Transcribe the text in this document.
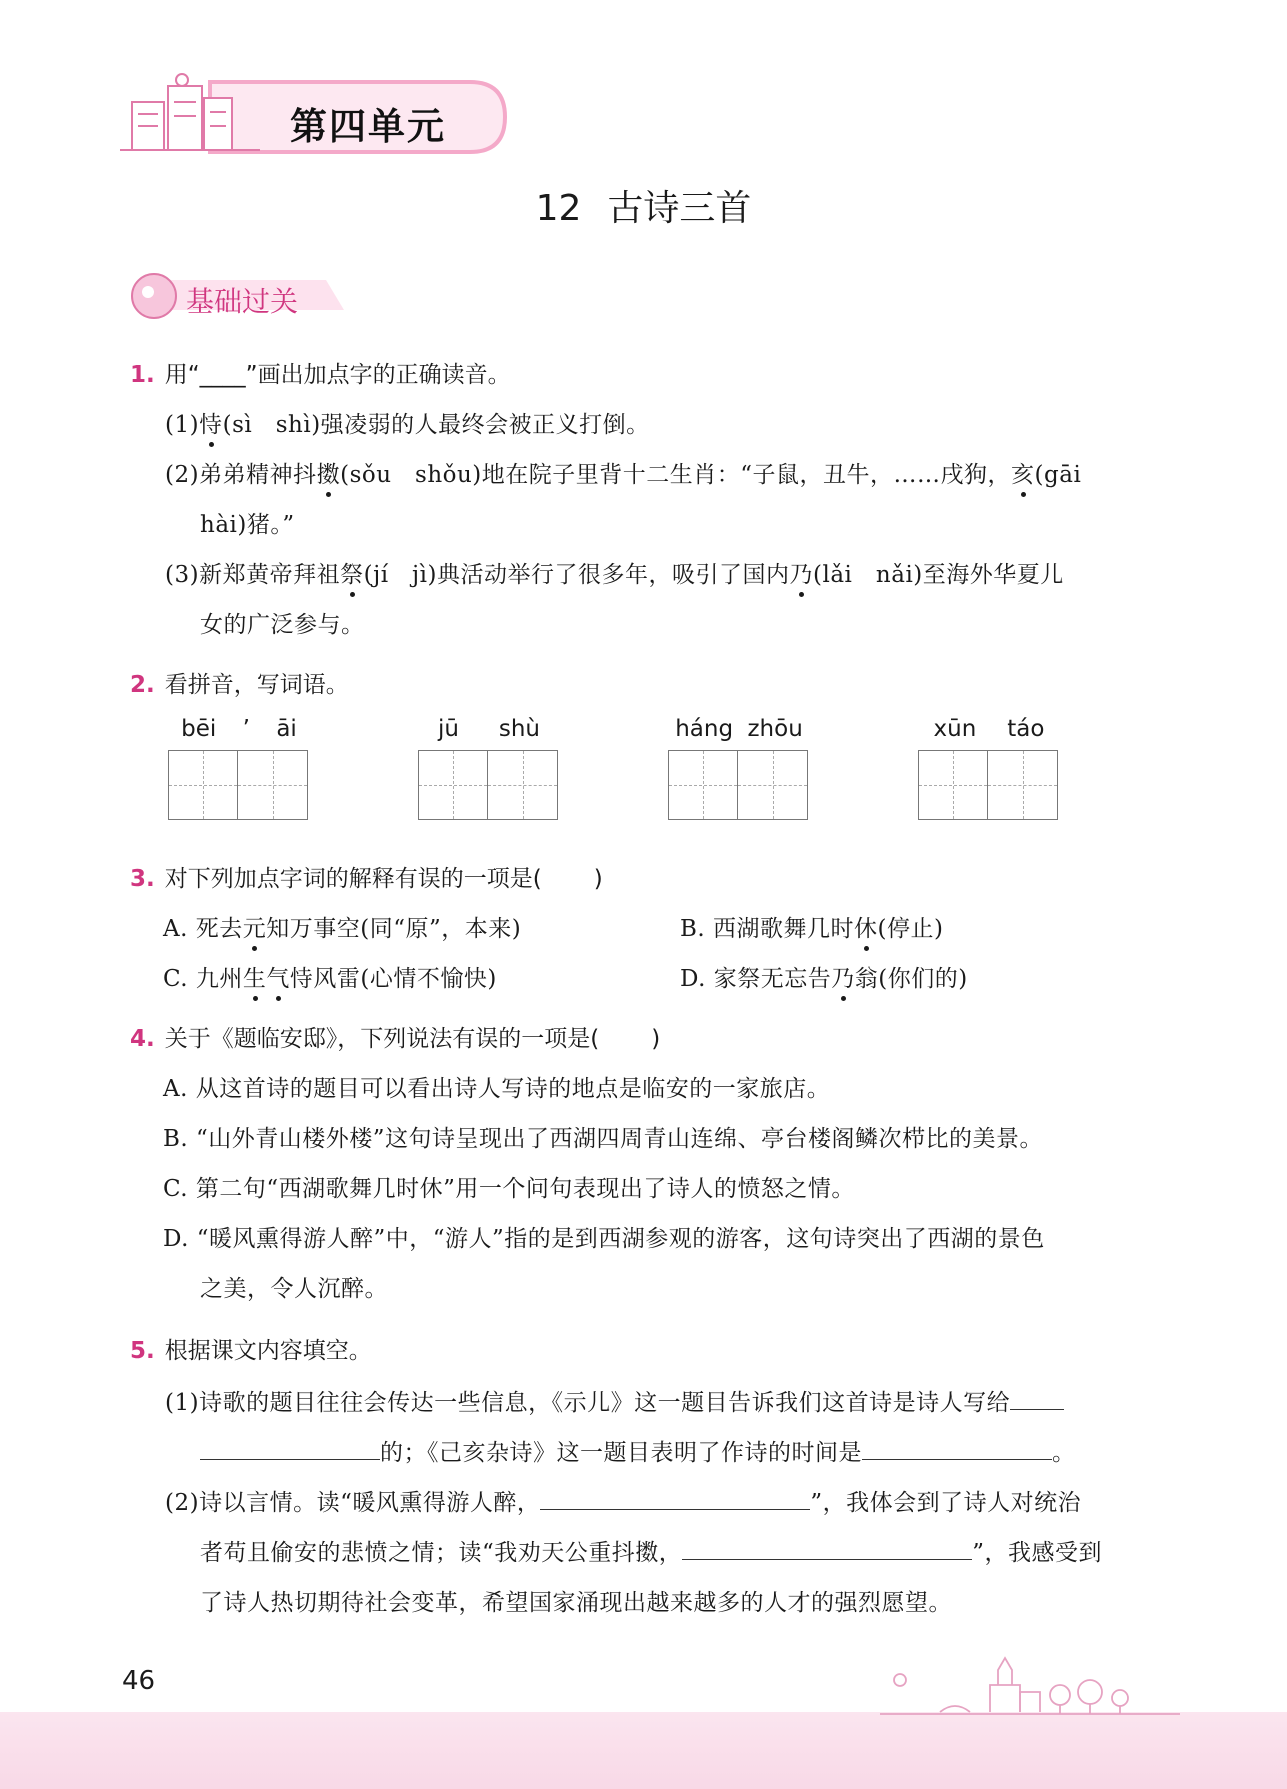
第四单元
12 古诗三首
基础过关
1. 用“____”画出加点字的正确读音。
(1)恃(sì　shì)强凌弱的人最终会被正义打倒。
(2)弟弟精神抖擞(sǒu　shǒu)地在院子里背十二生肖：“子鼠，丑牛，……戌狗，亥(gāi
hài)猪。”
(3)新郑黄帝拜祖祭(jí　jì)典活动举行了很多年，吸引了国内乃(lǎi　nǎi)至海外华夏儿
女的广泛参与。
2. 看拼音，写词语。
bēi ’ āi	jū shù	háng zhōu	xūn táo
3. 对下列加点字词的解释有误的一项是( )
A. 死去元知万事空(同“原”，本来)	B. 西湖歌舞几时休(停止)
C. 九州生气恃风雷(心情不愉快)	D. 家祭无忘告乃翁(你们的)
4. 关于《题临安邸》，下列说法有误的一项是( )
A. 从这首诗的题目可以看出诗人写诗的地点是临安的一家旅店。
B. “山外青山楼外楼”这句诗呈现出了西湖四周青山连绵、亭台楼阁鳞次栉比的美景。
C. 第二句“西湖歌舞几时休”用一个问句表现出了诗人的愤怒之情。
D. “暖风熏得游人醉”中，“游人”指的是到西湖参观的游客，这句诗突出了西湖的景色
之美，令人沉醉。
5. 根据课文内容填空。
(1)诗歌的题目往往会传达一些信息，《示儿》这一题目告诉我们这首诗是诗人写给
的；《己亥杂诗》这一题目表明了作诗的时间是	。
(2)诗以言情。读“暖风熏得游人醉，	”，我体会到了诗人对统治
者苟且偷安的悲愤之情；读“我劝天公重抖擞，	”，我感受到
了诗人热切期待社会变革，希望国家涌现出越来越多的人才的强烈愿望。
46
